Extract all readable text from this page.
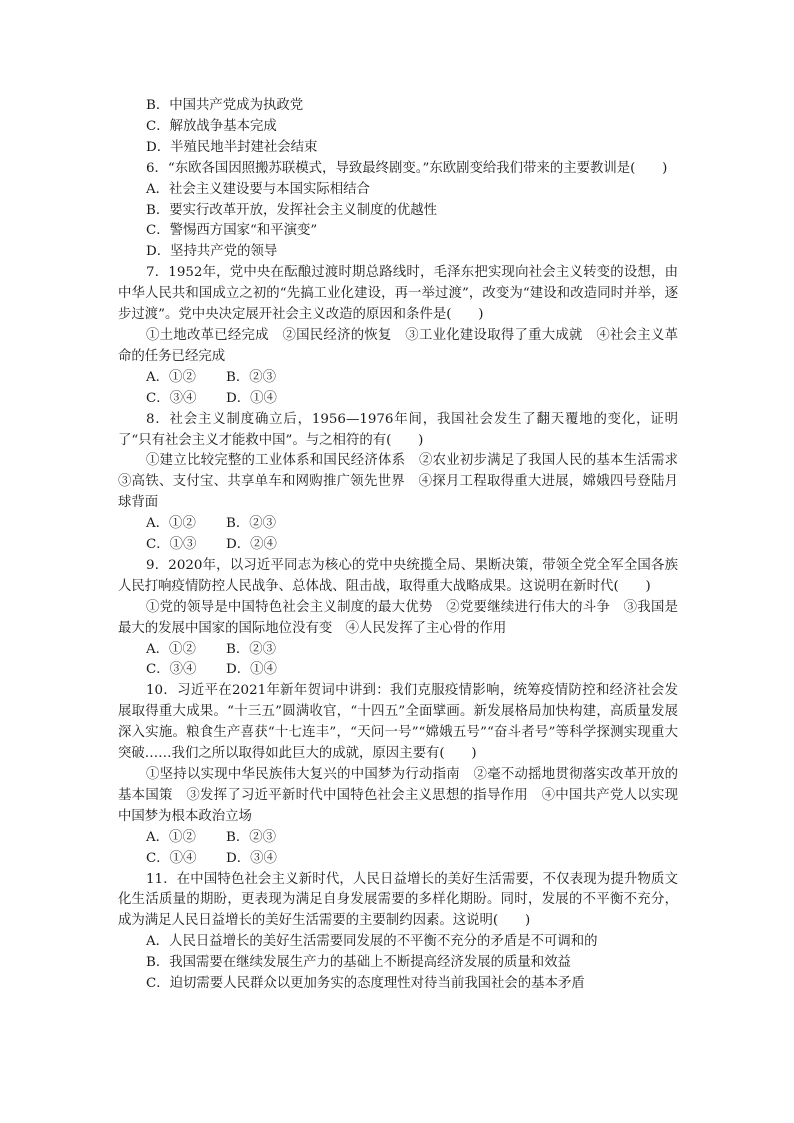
B．中国共产党成为执政党
C．解放战争基本完成
D．半殖民地半封建社会结束
6．“东欧各国因照搬苏联模式，导致最终剧变。”东欧剧变给我们带来的主要教训是(　　)
A．社会主义建设要与本国实际相结合
B．要实行改革开放，发挥社会主义制度的优越性
C．警惕西方国家“和平演变”
D．坚持共产党的领导
7．1952年，党中央在酝酿过渡时期总路线时，毛泽东把实现向社会主义转变的设想，由中华人民共和国成立之初的“先搞工业化建设，再一举过渡”，改变为“建设和改造同时并举，逐步过渡”。党中央决定展开社会主义改造的原因和条件是(　　)
①土地改革已经完成　②国民经济的恢复　③工业化建设取得了重大成就　④社会主义革命的任务已经完成
A．①② B．②③
C．③④ D．①④
8．社会主义制度确立后，1956—1976年间，我国社会发生了翻天覆地的变化，证明了“只有社会主义才能救中国”。与之相符的有(　　)
①建立比较完整的工业体系和国民经济体系　②农业初步满足了我国人民的基本生活需求　③高铁、支付宝、共享单车和网购推广领先世界　④探月工程取得重大进展，嫦娥四号登陆月球背面
A．①② B．②③
C．①③ D．②④
9．2020年，以习近平同志为核心的党中央统揽全局、果断决策，带领全党全军全国各族人民打响疫情防控人民战争、总体战、阻击战，取得重大战略成果。这说明在新时代(　　)
①党的领导是中国特色社会主义制度的最大优势　②党要继续进行伟大的斗争　③我国是最大的发展中国家的国际地位没有变　④人民发挥了主心骨的作用
A．①② B．②③
C．③④ D．①④
10．习近平在2021年新年贺词中讲到：我们克服疫情影响，统筹疫情防控和经济社会发展取得重大成果。“十三五”圆满收官，“十四五”全面擘画。新发展格局加快构建，高质量发展深入实施。粮食生产喜获“十七连丰”，“天问一号”“嫦娥五号”“奋斗者号”等科学探测实现重大突破……我们之所以取得如此巨大的成就，原因主要有(　　)
①坚持以实现中华民族伟大复兴的中国梦为行动指南　②毫不动摇地贯彻落实改革开放的基本国策　③发挥了习近平新时代中国特色社会主义思想的指导作用　④中国共产党人以实现中国梦为根本政治立场
A．①② B．②③
C．①④ D．③④
11．在中国特色社会主义新时代，人民日益增长的美好生活需要，不仅表现为提升物质文化生活质量的期盼，更表现为满足自身发展需要的多样化期盼。同时，发展的不平衡不充分，成为满足人民日益增长的美好生活需要的主要制约因素。这说明(　　)
A．人民日益增长的美好生活需要同发展的不平衡不充分的矛盾是不可调和的
B．我国需要在继续发展生产力的基础上不断提高经济发展的质量和效益
C．迫切需要人民群众以更加务实的态度理性对待当前我国社会的基本矛盾
